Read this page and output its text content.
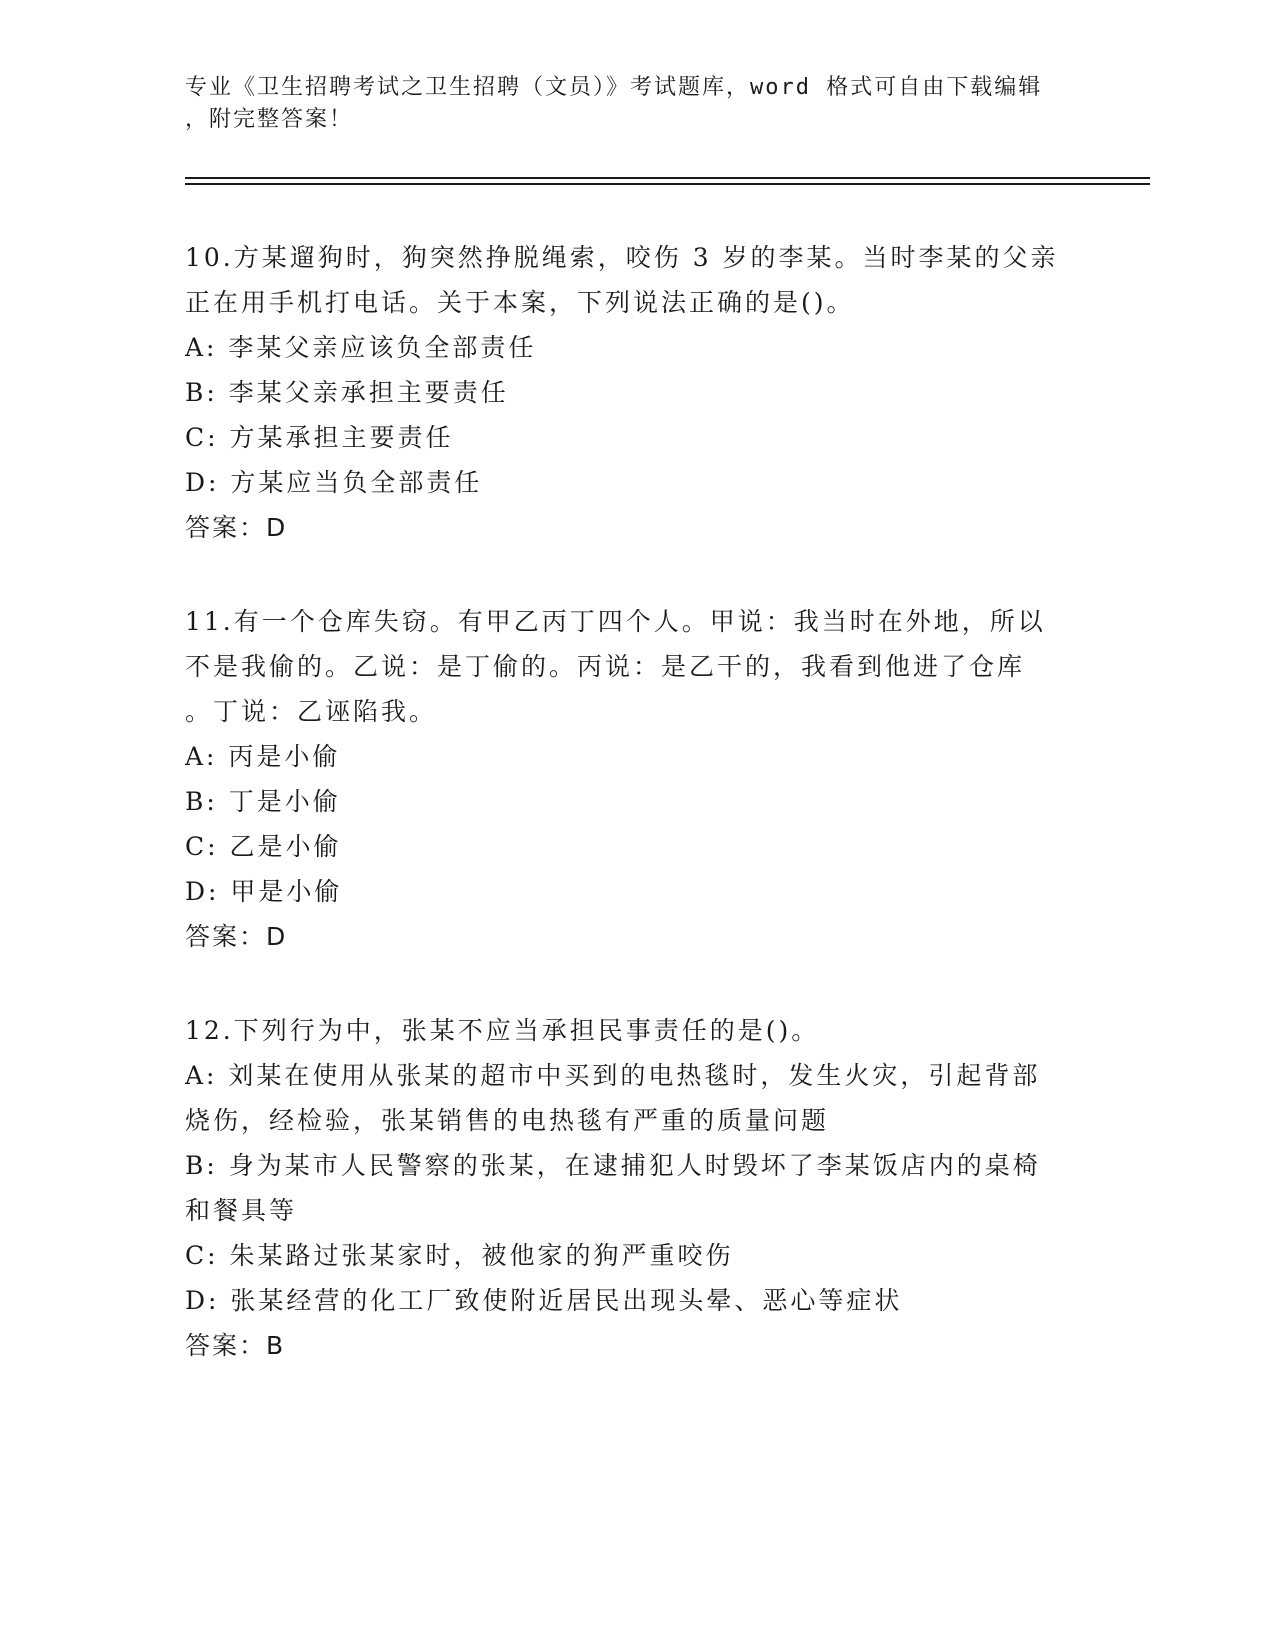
专业《卫生招聘考试之卫生招聘（文员）》考试题库，word 格式可自由下载编辑
，附完整答案！
10.方某遛狗时，狗突然挣脱绳索，咬伤 3 岁的李某。当时李某的父亲
正在用手机打电话。关于本案，下列说法正确的是()。
A: 李某父亲应该负全部责任
B: 李某父亲承担主要责任
C: 方某承担主要责任
D: 方某应当负全部责任
答案：D
11.有一个仓库失窃。有甲乙丙丁四个人。甲说：我当时在外地，所以
不是我偷的。乙说：是丁偷的。丙说：是乙干的，我看到他进了仓库
。丁说：乙诬陷我。
A: 丙是小偷
B: 丁是小偷
C: 乙是小偷
D: 甲是小偷
答案：D
12.下列行为中，张某不应当承担民事责任的是()。
A: 刘某在使用从张某的超市中买到的电热毯时，发生火灾，引起背部
烧伤，经检验，张某销售的电热毯有严重的质量问题
B: 身为某市人民警察的张某，在逮捕犯人时毁坏了李某饭店内的桌椅
和餐具等
C: 朱某路过张某家时，被他家的狗严重咬伤
D: 张某经营的化工厂致使附近居民出现头晕、恶心等症状
答案：B
